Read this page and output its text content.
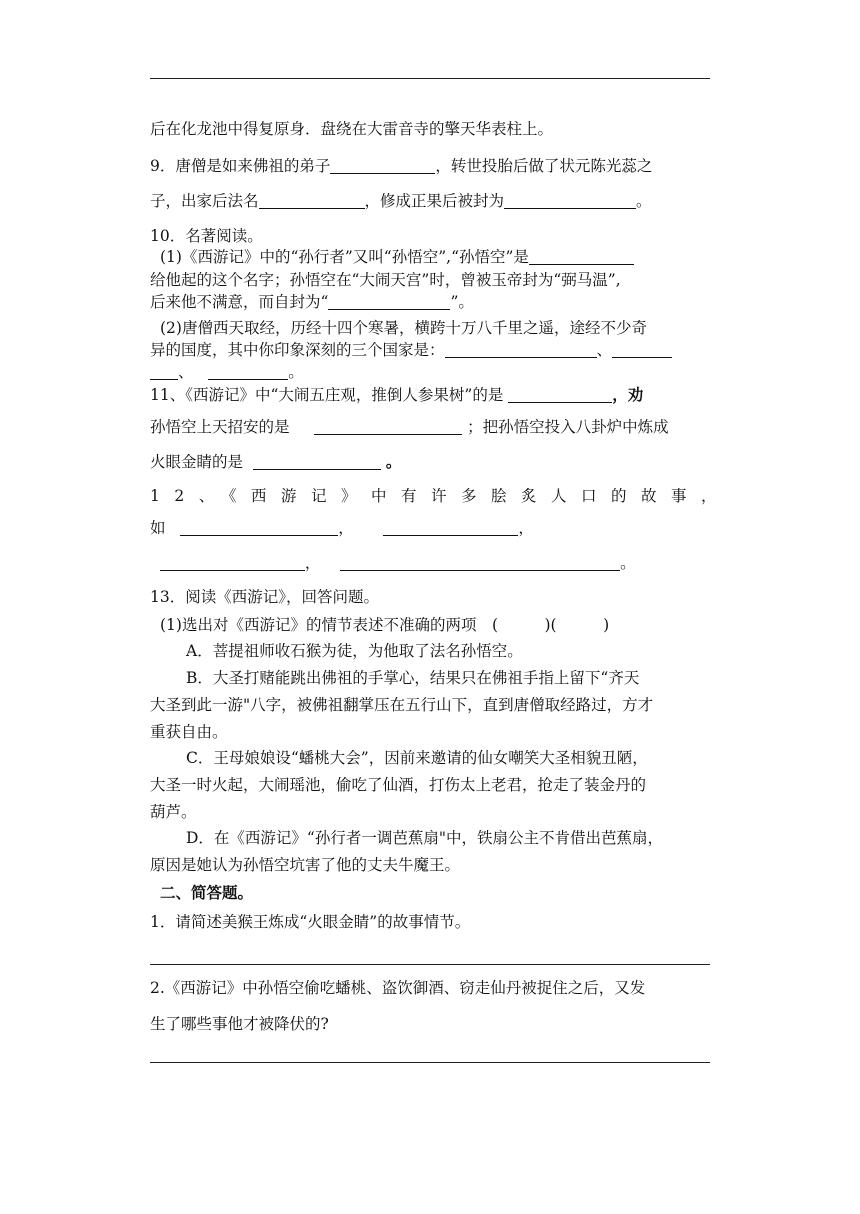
后在化龙池中得复原身．盘绕在大雷音寺的擎天华表柱上。
9．唐僧是如来佛祖的弟子	，转世投胎后做了状元陈光蕊之
子，出家后法名	，修成正果后被封为	。
10．名著阅读。
(1)《西游记》中的“孙行者”又叫“孙悟空”,“孙悟空”是
给他起的这个名字；孙悟空在“大闹天宫”时，曾被玉帝封为“弼马温”,
后来他不满意，而自封为“	”。
(2)唐僧西天取经，历经十四个寒暑，横跨十万八千里之遥，途经不少奇
异的国度，其中你印象深刻的三个国家是：	、
、	。
11、《西游记》中“大闹五庄观，推倒人参果树”的是	，劝
孙悟空上天招安的是	；把孙悟空投入八卦炉中炼成
火眼金睛的是	。
12、《西游记》中有许多脍炙人口的故事，
如	，	，
，	。
13．阅读《西游记》，回答问题。
(1)选出对《西游记》的情节表述不准确的两项　(　　　)(　　　)
A．菩提祖师收石猴为徒，为他取了法名孙悟空。
B．大圣打赌能跳出佛祖的手掌心，结果只在佛祖手指上留下“齐天
大圣到此一游"八字，被佛祖翻掌压在五行山下，直到唐僧取经路过，方才
重获自由。
C．王母娘娘设“蟠桃大会”，因前来邀请的仙女嘲笑大圣相貌丑陋，
大圣一时火起，大闹瑶池，偷吃了仙酒，打伤太上老君，抢走了装金丹的
葫芦。
D．在《西游记》“孙行者一调芭蕉扇"中，铁扇公主不肯借出芭蕉扇，
原因是她认为孙悟空坑害了他的丈夫牛魔王。
二、简答题。
1．请简述美猴王炼成“火眼金睛”的故事情节。
2.《西游记》中孙悟空偷吃蟠桃、盗饮御酒、窃走仙丹被捉住之后，又发
生了哪些事他才被降伏的?
